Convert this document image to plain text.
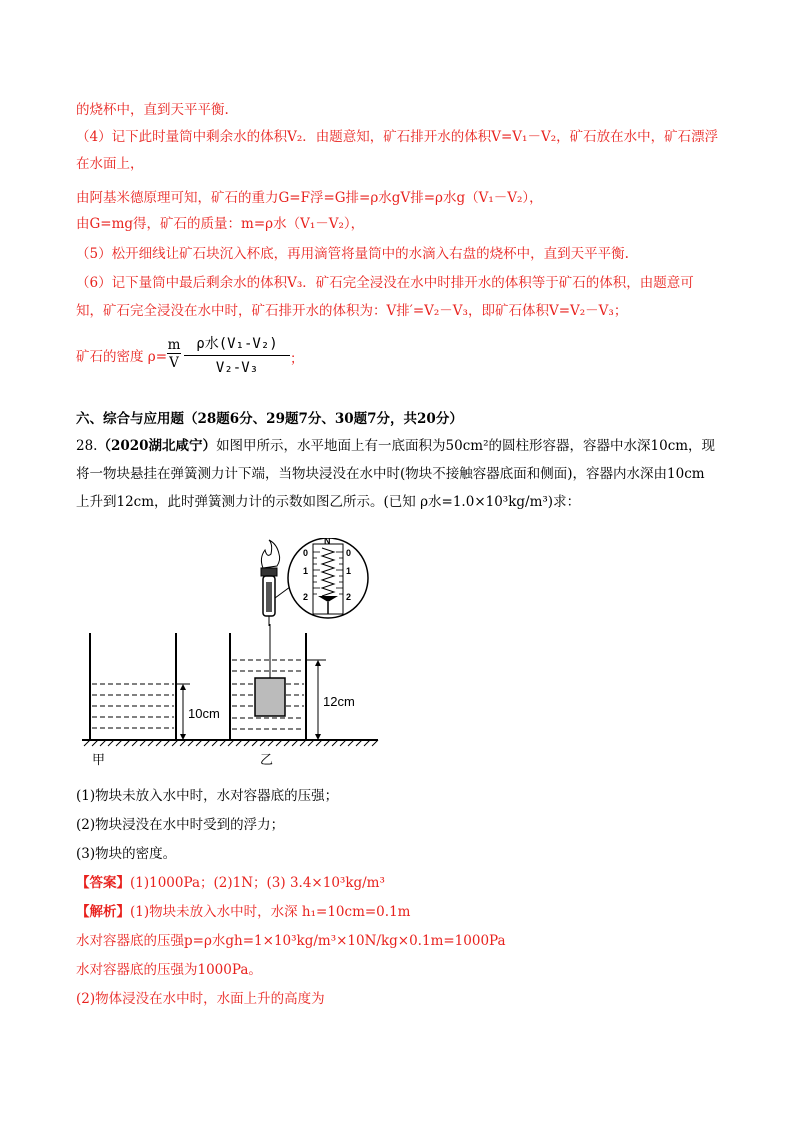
的烧杯中，直到天平平衡.
（4）记下此时量筒中剩余水的体积V₂．由题意知，矿石排开水的体积V=V₁－V₂，矿石放在水中，矿石漂浮
在水面上，
由阿基米德原理可知，矿石的重力G=F浮=G排=ρ水gV排=ρ水g（V₁－V₂），
由G=mg得，矿石的质量：m=ρ水（V₁－V₂），
（5）松开细线让矿石块沉入杯底，再用滴管将量筒中的水滴入右盘的烧杯中，直到天平平衡.
（6）记下量筒中最后剩余水的体积V₃．矿石完全浸没在水中时排开水的体积等于矿石的体积，由题意可
知，矿石完全浸没在水中时，矿石排开水的体积为：V排′=V₂－V₃，即矿石体积V=V₂－V₃；
矿石的密度 $\rho= \frac{m}{V}$	ρ水(V₁-V₂)
V₂-V₃
；
六、综合与应用题（28题6分、29题7分、30题7分，共20分）
28.（2020湖北咸宁）如图甲所示，水平地面上有一底面积为50cm²的圆柱形容器，容器中水深10cm，现
将一物块悬挂在弹簧测力计下端，当物块浸没在水中时(物块不接触容器底面和侧面)，容器内水深由10cm
上升到12cm，此时弹簧测力计的示数如图乙所示。(已知 ρ水=1.0×10³kg/m³)求：
10cm
12cm
N
0	0
1	1
2	2
甲	乙
(1)物块未放入水中时，水对容器底的压强；
(2)物块浸没在水中时受到的浮力；
(3)物块的密度。
【答案】(1)1000Pa；(2)1N；(3) 3.4×10³kg/m³
【解析】(1)物块未放入水中时，水深 h₁=10cm=0.1m
水对容器底的压强p=ρ水gh=1×10³kg/m³×10N/kg×0.1m=1000Pa
水对容器底的压强为1000Pa。
(2)物体浸没在水中时，水面上升的高度为
